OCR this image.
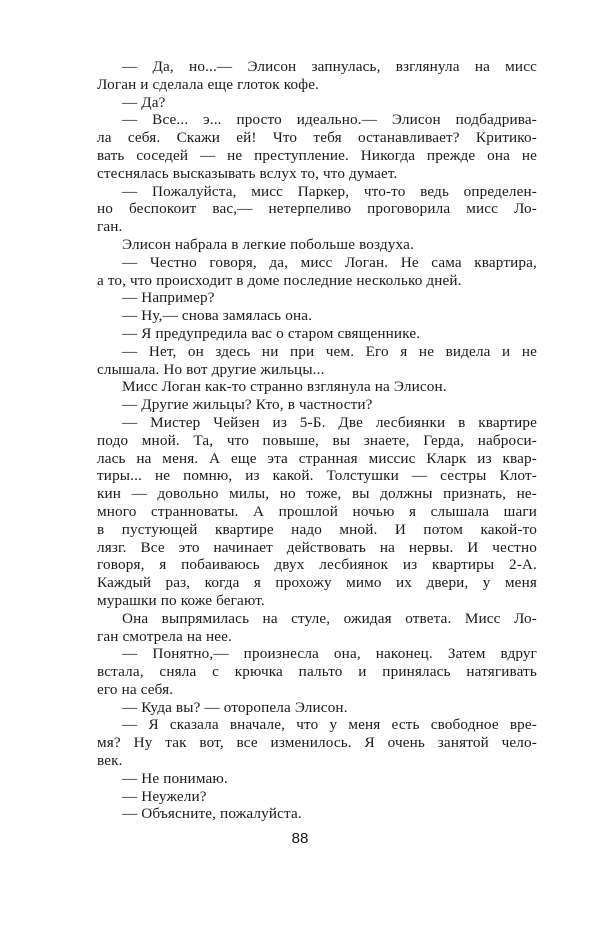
— Да, но...— Элисон запнулась, взглянула на мисс
Логан и сделала еще глоток кофе.
— Да?
— Все... э... просто идеально.— Элисон подбадрива-
ла себя. Скажи ей! Что тебя останавливает? Критико-
вать соседей — не преступление. Никогда прежде она не
стеснялась высказывать вслух то, что думает.
— Пожалуйста, мисс Паркер, что-то ведь определен-
но беспокоит вас,— нетерпеливо проговорила мисс Ло-
ган.
Элисон набрала в легкие побольше воздуха.
— Честно говоря, да, мисс Логан. Не сама квартира,
а то, что происходит в доме последние несколько дней.
— Например?
— Ну,— снова замялась она.
— Я предупредила вас о старом священнике.
— Нет, он здесь ни при чем. Его я не видела и не
слышала. Но вот другие жильцы...
Мисс Логан как-то странно взглянула на Элисон.
— Другие жильцы? Кто, в частности?
— Мистер Чейзен из 5-Б. Две лесбиянки в квартире
подо мной. Та, что повыше, вы знаете, Герда, наброси-
лась на меня. А еще эта странная миссис Кларк из квар-
тиры... не помню, из какой. Толстушки — сестры Клот-
кин — довольно милы, но тоже, вы должны признать, не-
много странноваты. А прошлой ночью я слышала шаги
в пустующей квартире надо мной. И потом какой-то
лязг. Все это начинает действовать на нервы. И честно
говоря, я побаиваюсь двух лесбиянок из квартиры 2-А.
Каждый раз, когда я прохожу мимо их двери, у меня
мурашки по коже бегают.
Она выпрямилась на стуле, ожидая ответа. Мисс Ло-
ган смотрела на нее.
— Понятно,— произнесла она, наконец. Затем вдруг
встала, сняла с крючка пальто и принялась натягивать
его на себя.
— Куда вы? — оторопела Элисон.
— Я сказала вначале, что у меня есть свободное вре-
мя? Ну так вот, все изменилось. Я очень занятой чело-
век.
— Не понимаю.
— Неужели?
— Объясните, пожалуйста.
88
